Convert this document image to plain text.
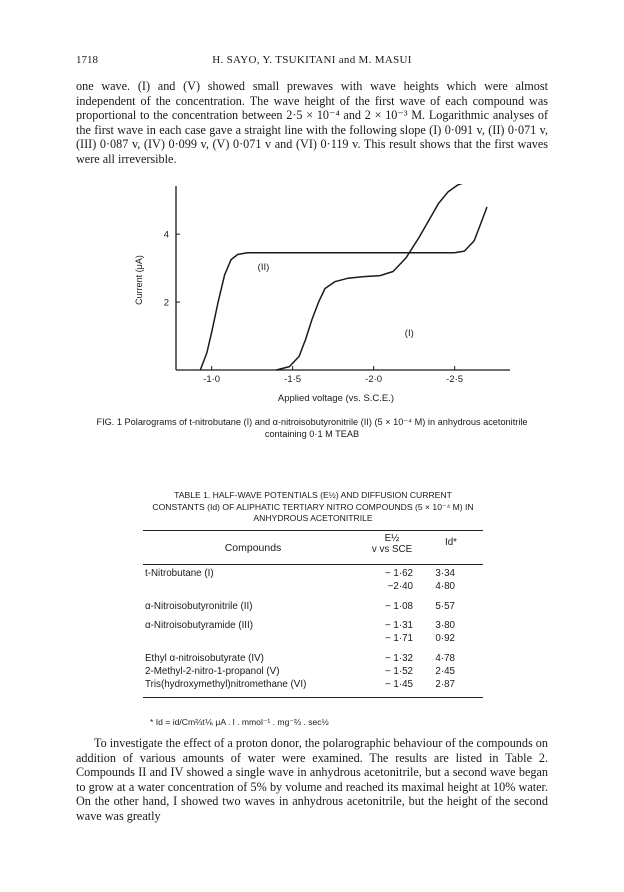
1718	H. SAYO, Y. TSUKITANI and M. MASUI

one wave. (I) and (V) showed small prewaves with wave heights which were almost independent of the concentration. The wave height of the first wave of each compound was proportional to the concentration between 2·5 × 10⁻⁴ and 2 × 10⁻³ M. Logarithmic analyses of the first wave in each case gave a straight line with the following slope (I) 0·091 v, (II) 0·071 v, (III) 0·087 v, (IV) 0·099 v, (V) 0·071 v and (VI) 0·119 v. This result shows that the first waves were all irreversible.

Current (μA)
Applied voltage (vs. S.C.E.)
-1·0	-1·5	-2·0	-2·5
2
4
(I)
(II)
FIG. 1 Polarograms of t-nitrobutane (I) and α-nitroisobutyronitrile (II) (5 × 10⁻⁴ M) in anhydrous acetonitrile containing 0·1 M TEAB
TABLE 1. HALF-WAVE POTENTIALS (E½) AND DIFFUSION CURRENT CONSTANTS (Id) OF ALIPHATIC TERTIARY NITRO COMPOUNDS (5 × 10⁻⁴ M) IN ANHYDROUS ACETONITRILE
Compounds
E½
v vs SCE
Id*
t-Nitrobutane (I)	− 1·62	3·34
−2·40	4·80
α-Nitroisobutyronitrile (II)	− 1·08	5·57
α-Nitroisobutyramide (III)	− 1·31	3·80
− 1·71	0·92
Ethyl α-nitroisobutyrate (IV)	− 1·32	4·78
2-Methyl-2-nitro-1-propanol (V)	− 1·52	2·45
Tris(hydroxymethyl)nitromethane (VI)	− 1·45	2·87
* Id = id/Cm⅔t⅙ μA . l . mmol⁻¹ . mg⁻⅔ . sec½

To investigate the effect of a proton donor, the polarographic behaviour of the compounds on addition of various amounts of water were examined. The results are listed in Table 2. Compounds II and IV showed a single wave in anhydrous acetonitrile, but a second wave began to grow at a water concentration of 5% by volume and reached its maximal height at 10% water. On the other hand, I showed two waves in anhydrous acetonitrile, but the height of the second wave was greatly
